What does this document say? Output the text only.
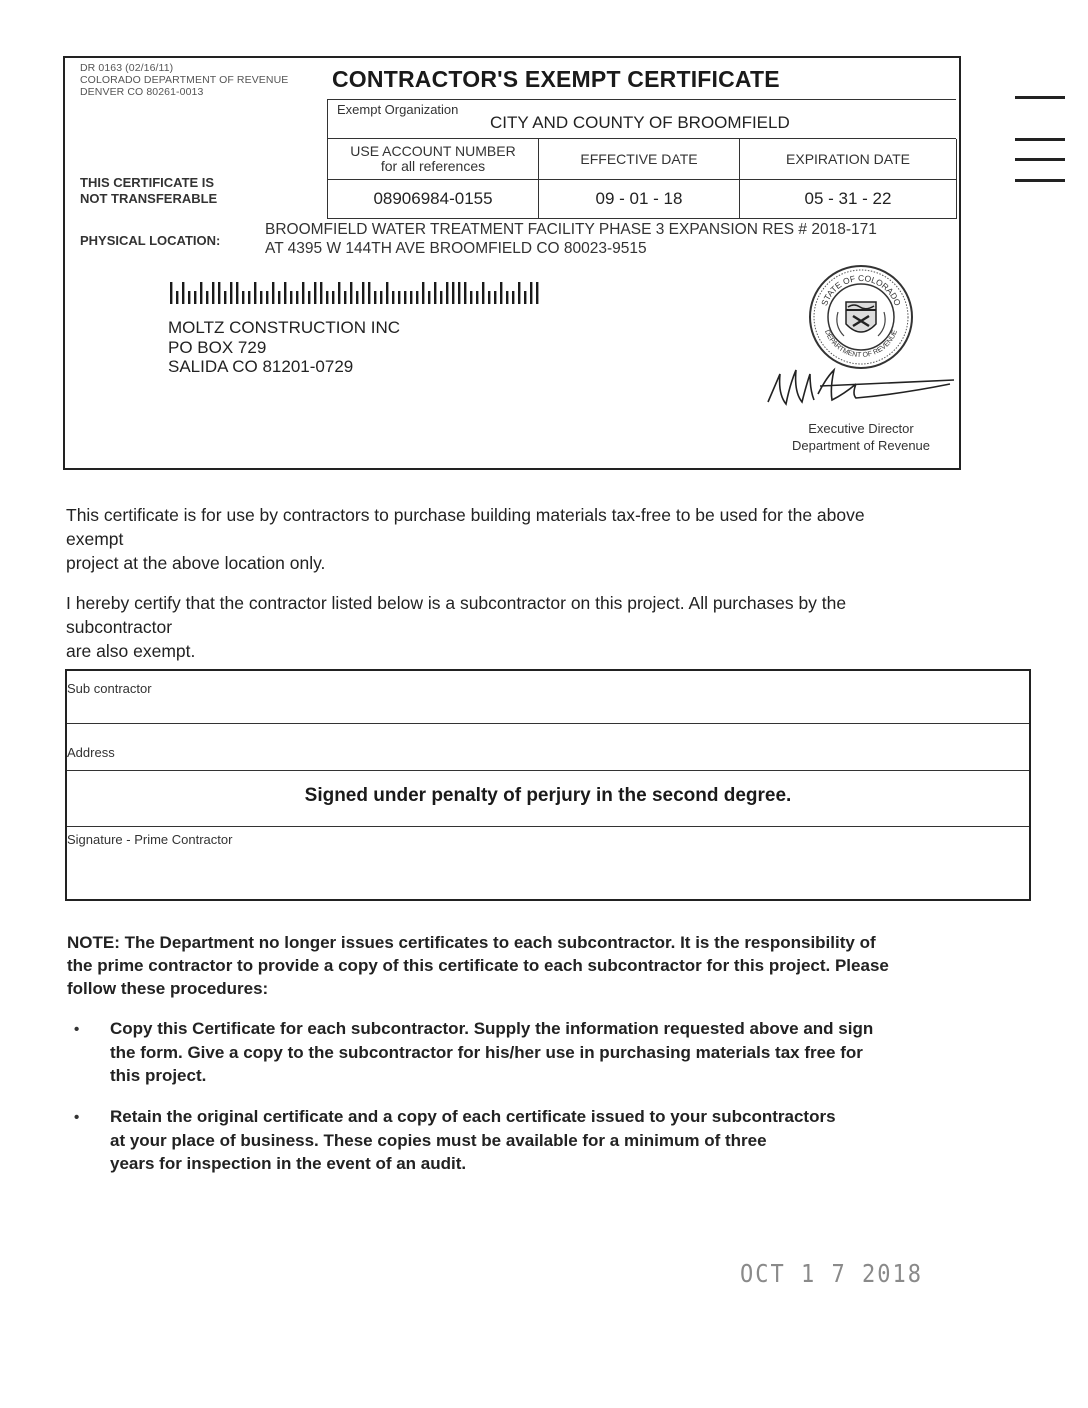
DR 0163 (02/16/11)
COLORADO DEPARTMENT OF REVENUE
DENVER CO 80261-0013	CONTRACTOR'S EXEMPT CERTIFICATE
Exempt Organization
CITY AND COUNTY OF BROOMFIELD
USE ACCOUNT NUMBER
for all references	EFFECTIVE DATE	EXPIRATION DATE
08906984-0155	09 - 01 - 18	05 - 31 - 22
THIS CERTIFICATE IS
NOT TRANSFERABLE
PHYSICAL LOCATION:
BROOMFIELD WATER TREATMENT FACILITY PHASE 3 EXPANSION RES # 2018-171
AT 4395 W 144TH AVE BROOMFIELD CO 80023-9515
MOLTZ CONSTRUCTION INC
PO BOX 729
SALIDA CO 81201-0729
STATE OF COLORADO
DEPARTMENT OF REVENUE
Executive Director
Department of Revenue
This certificate is for use by contractors to purchase building materials tax-free to be used for the above
exempt
project at the above location only.
I hereby certify that the contractor listed below is a subcontractor on this project. All purchases by the
subcontractor
are also exempt.
Sub contractor
Address
Signature - Prime Contractor
Signed under penalty of perjury in the second degree.
NOTE: The Department no longer issues certificates to each subcontractor. It is the responsibility of
the prime contractor to provide a copy of this certificate to each subcontractor for this project. Please
follow these procedures:
• Copy this Certificate for each subcontractor. Supply the information requested above and sign
the form. Give a copy to the subcontractor for his/her use in purchasing materials tax free for
this project.
• Retain the original certificate and a copy of each certificate issued to your subcontractors
at your place of business. These copies must be available for a minimum of three
years for inspection in the event of an audit.
OCT 1 7 2018
